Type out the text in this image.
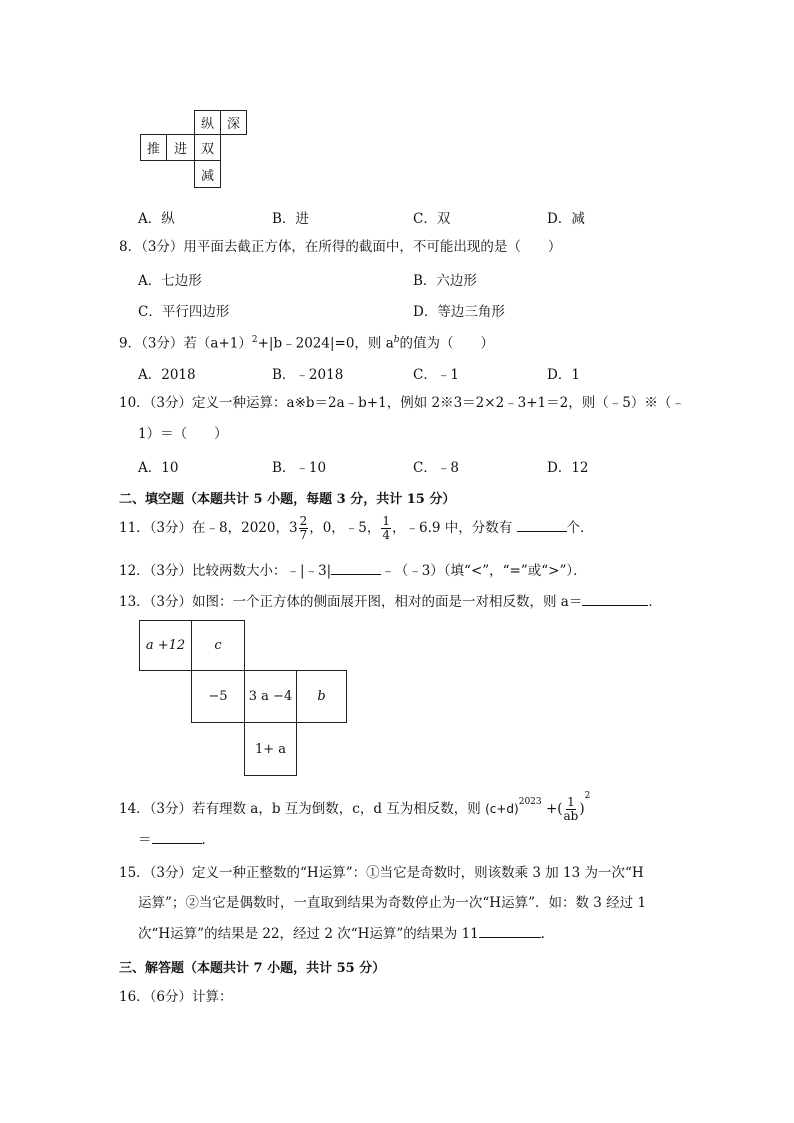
纵 深
推	进	双
减
A．纵	B．进	C．双	D．减
8．（3分）用平面去截正方体，在所得的截面中，不可能出现的是（　　）
A．七边形	B．六边形
C．平行四边形	D．等边三角形
9．（3分）若$(a+1)^2+|b﹣2024|=0$，则 $a^b$的值为（　　）
A．2018	B．﹣2018	C．﹣1	D．1
10．（3分）定义一种运算：a※b＝2a﹣b+1，例如 2※3＝2×2﹣3+1＝2，则（﹣5）※（﹣
1）＝（　　）
A．10	B．﹣10	C．﹣8	D．12
二、填空题（本题共计 5 小题，每题 3 分，共计 15 分）
11．（3分）在﹣8，2020，$3 \frac{2}{7}$ ，0，﹣5， $\frac{1}{4}$ ，﹣6.9 中，分数有	个．
12．（3分）比较两数大小：﹣|﹣3|	﹣（﹣3）（填“<”，“=”或“>”）．
13．（3分）如图：一个正方体的侧面展开图，相对的面是一对相反数，则 a＝	．
a +12	c
−5	3 a −4	b
1+ a
14．（3分）若有理数 a，b 互为倒数，c，d 互为相反数，则 $(c+d)^{2023}$ +( $\frac{1}{ab} )^2$
＝	．
15．（3分）定义一种正整数的“H运算”：①当它是奇数时，则该数乘 3 加 13 为一次“H
运算”；②当它是偶数时，一直取到结果为奇数停止为一次“H运算”．如：数 3 经过 1
次“H运算”的结果是 22，经过 2 次“H运算”的结果为 11	．
三、解答题（本题共计 7 小题，共计 55 分）
16．（6分）计算：
